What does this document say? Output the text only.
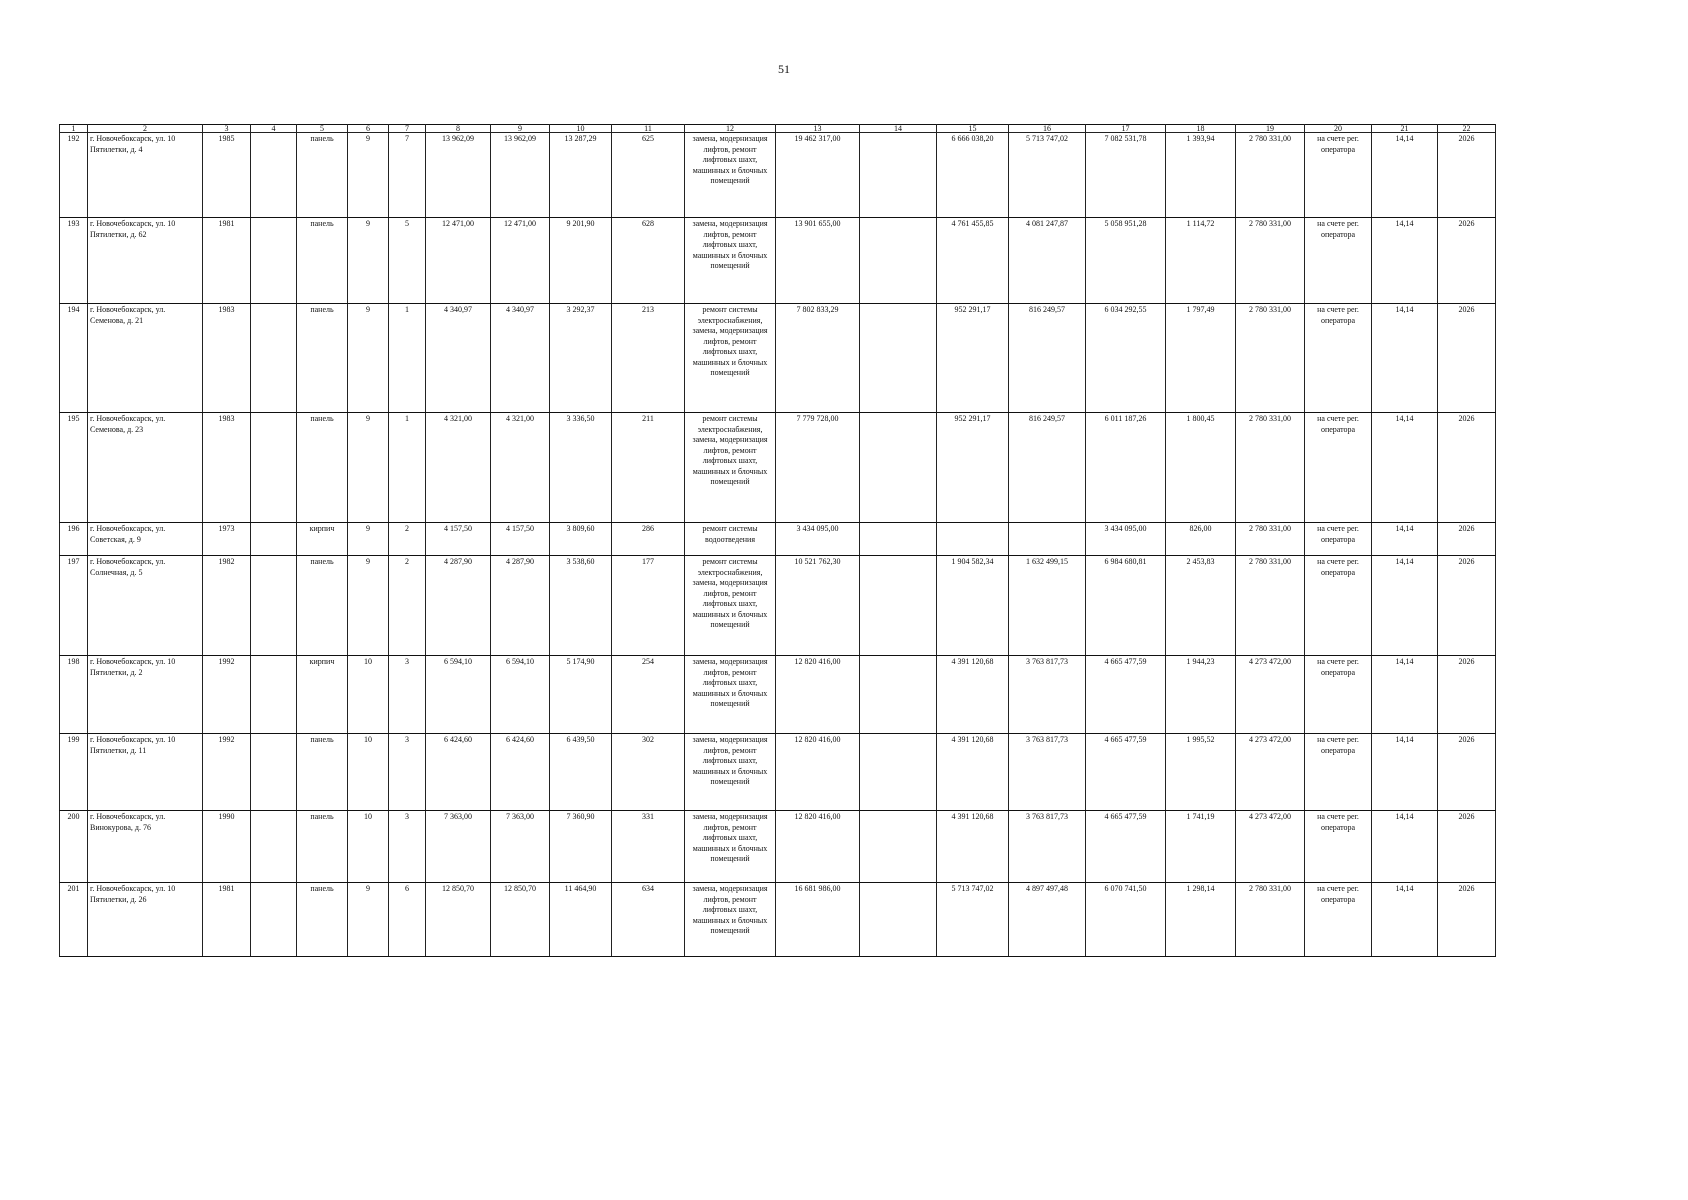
51
1	2	3	4	5	6	7	8	9	10	11	12	13	14	15	16	17	18	19	20	21	22
192	г. Новочебоксарск, ул. 10 Пятилетки, д. 4	1985		панель	9	7	13 962,09	13 962,09	13 287,29	625	замена, модернизация лифтов, ремонт лифтовых шахт, машинных и блочных помещений	19 462 317,00		6 666 038,20	5 713 747,02	7 082 531,78	1 393,94	2 780 331,00	на счете рег. оператора	14,14	2026
193	г. Новочебоксарск, ул. 10 Пятилетки, д. 62	1981		панель	9	5	12 471,00	12 471,00	9 201,90	628	замена, модернизация лифтов, ремонт лифтовых шахт, машинных и блочных помещений	13 901 655,00		4 761 455,85	4 081 247,87	5 058 951,28	1 114,72	2 780 331,00	на счете рег. оператора	14,14	2026
194	г. Новочебоксарск, ул. Семенова, д. 21	1983		панель	9	1	4 340,97	4 340,97	3 292,37	213	ремонт системы электроснабжения, замена, модернизация лифтов, ремонт лифтовых шахт, машинных и блочных помещений	7 802 833,29		952 291,17	816 249,57	6 034 292,55	1 797,49	2 780 331,00	на счете рег. оператора	14,14	2026
195	г. Новочебоксарск, ул. Семенова, д. 23	1983		панель	9	1	4 321,00	4 321,00	3 336,50	211	ремонт системы электроснабжения, замена, модернизация лифтов, ремонт лифтовых шахт, машинных и блочных помещений	7 779 728,00		952 291,17	816 249,57	6 011 187,26	1 800,45	2 780 331,00	на счете рег. оператора	14,14	2026
196	г. Новочебоксарск, ул. Советская, д. 9	1973		кирпич	9	2	4 157,50	4 157,50	3 809,60	286	ремонт системы водоотведения	3 434 095,00				3 434 095,00	826,00	2 780 331,00	на счете рег. оператора	14,14	2026
197	г. Новочебоксарск, ул. Солнечная, д. 5	1982		панель	9	2	4 287,90	4 287,90	3 538,60	177	ремонт системы электроснабжения, замена, модернизация лифтов, ремонт лифтовых шахт, машинных и блочных помещений	10 521 762,30		1 904 582,34	1 632 499,15	6 984 680,81	2 453,83	2 780 331,00	на счете рег. оператора	14,14	2026
198	г. Новочебоксарск, ул. 10 Пятилетки, д. 2	1992		кирпич	10	3	6 594,10	6 594,10	5 174,90	254	замена, модернизация лифтов, ремонт лифтовых шахт, машинных и блочных помещений	12 820 416,00		4 391 120,68	3 763 817,73	4 665 477,59	1 944,23	4 273 472,00	на счете рег. оператора	14,14	2026
199	г. Новочебоксарск, ул. 10 Пятилетки, д. 11	1992		панель	10	3	6 424,60	6 424,60	6 439,50	302	замена, модернизация лифтов, ремонт лифтовых шахт, машинных и блочных помещений	12 820 416,00		4 391 120,68	3 763 817,73	4 665 477,59	1 995,52	4 273 472,00	на счете рег. оператора	14,14	2026
200	г. Новочебоксарск, ул. Винокурова, д. 76	1990		панель	10	3	7 363,00	7 363,00	7 360,90	331	замена, модернизация лифтов, ремонт лифтовых шахт, машинных и блочных помещений	12 820 416,00		4 391 120,68	3 763 817,73	4 665 477,59	1 741,19	4 273 472,00	на счете рег. оператора	14,14	2026
201	г. Новочебоксарск, ул. 10 Пятилетки, д. 26	1981		панель	9	6	12 850,70	12 850,70	11 464,90	634	замена, модернизация лифтов, ремонт лифтовых шахт, машинных и блочных помещений	16 681 986,00		5 713 747,02	4 897 497,48	6 070 741,50	1 298,14	2 780 331,00	на счете рег. оператора	14,14	2026
